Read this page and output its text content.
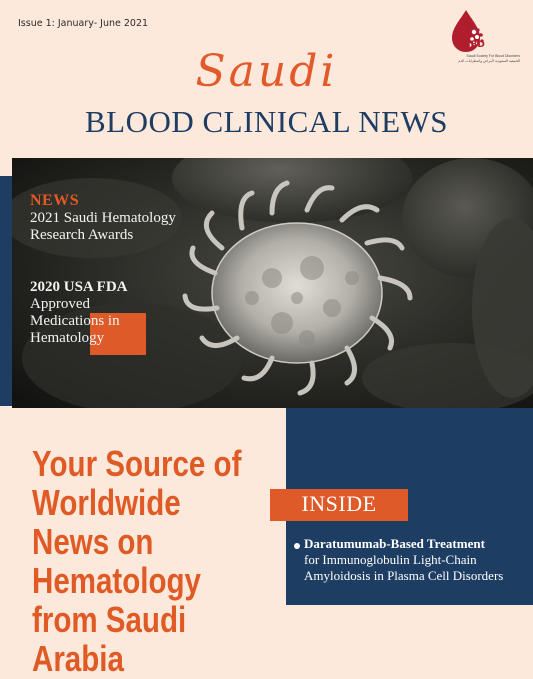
Issue 1: January- June 2021
SSBD
Saudi Society For Blood Disorders
الجمعية السعودية لأمراض واضطرابات الدم
Saudi
BLOOD CLINICAL NEWS
NEWS
2021 Saudi Hematology Research Awards
2020 USA FDA
Approved Medications in Hematology
Your Source of Worldwide News on Hematology from Saudi Arabia
INSIDE
Daratumumab-Based Treatment
for Immunoglobulin Light-Chain Amyloidosis in Plasma Cell Disorders
